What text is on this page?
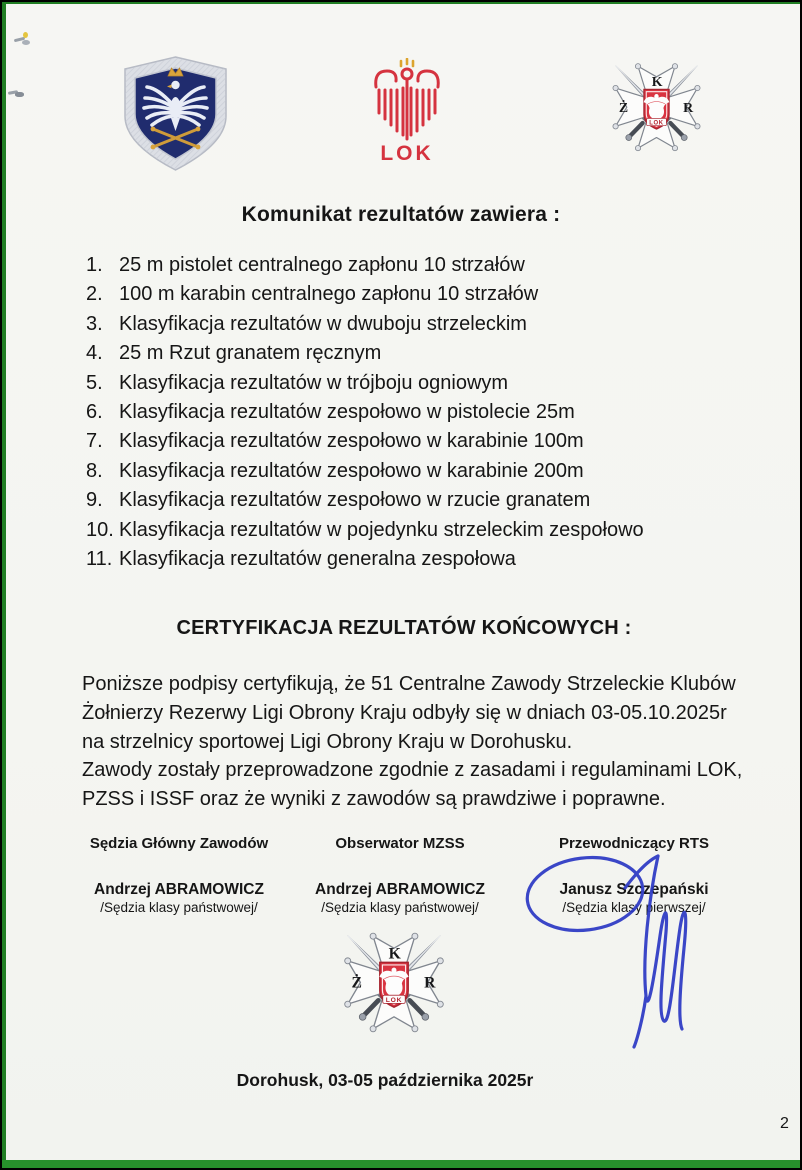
LOK
Komunikat rezultatów zawiera :
1. 25 m pistolet centralnego zapłonu 10 strzałów
2. 100 m karabin centralnego zapłonu 10 strzałów
3. Klasyfikacja rezultatów w dwuboju strzeleckim
4. 25 m Rzut granatem ręcznym
5. Klasyfikacja rezultatów w trójboju ogniowym
6. Klasyfikacja rezultatów zespołowo w pistolecie 25m
7. Klasyfikacja rezultatów zespołowo w karabinie 100m
8. Klasyfikacja rezultatów zespołowo w karabinie 200m
9. Klasyfikacja rezultatów zespołowo w rzucie granatem
10. Klasyfikacja rezultatów w pojedynku strzeleckim zespołowo
11. Klasyfikacja rezultatów generalna zespołowa
CERTYFIKACJA REZULTATÓW KOŃCOWYCH :
Poniższe podpisy certyfikują, że 51 Centralne Zawody Strzeleckie Klubów
Żołnierzy Rezerwy Ligi Obrony Kraju odbyły się w dniach 03-05.10.2025r
na strzelnicy sportowej Ligi Obrony Kraju w Dorohusku.
Zawody zostały przeprowadzone zgodnie z zasadami i regulaminami LOK,
PZSS i ISSF oraz że wyniki z zawodów są prawdziwe i poprawne.
Sędzia Główny Zawodów
Andrzej ABRAMOWICZ
/Sędzia klasy państwowej/
Obserwator MZSS
Andrzej ABRAMOWICZ
/Sędzia klasy państwowej/
Przewodniczący RTS
Janusz Szczepański
/Sędzia klasy pierwszej/
Dorohusk, 03-05 października 2025r
2
